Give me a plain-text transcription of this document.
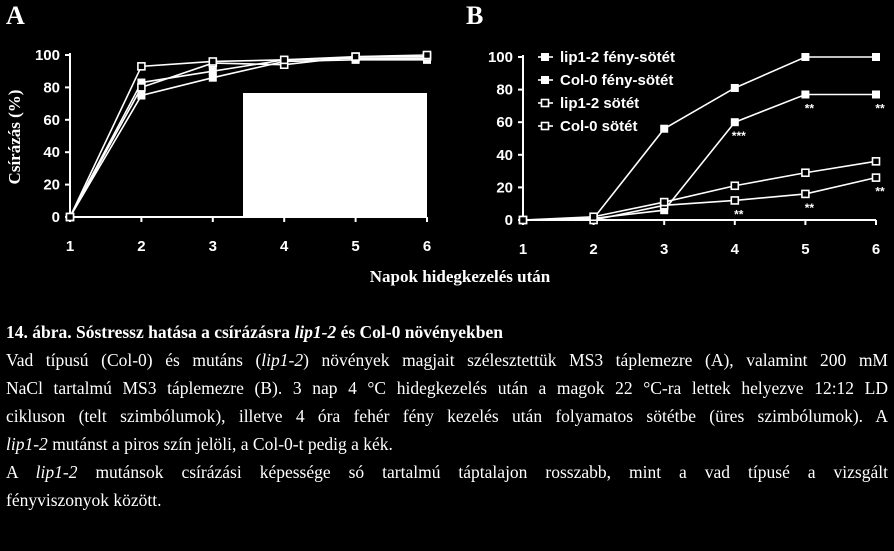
A	B
Csírázás (%)
Napok hidegkezelés után
0
20
40
60
80
100
1	2	3	4	5	6
0
20
40
60
80
100
1	2	3	4	5	6
**	**
***
**	**
**
lip1-2 fény-sötét
Col-0 fény-sötét
lip1-2 sötét
Col-0 sötét

14. ábra. Sóstressz hatása a csírázásra lip1-2 és Col-0 növényekben

Vad típusú (Col-0) és mutáns (lip1-2) növények magjait szélesztettük MS3 táplemezre (A), valamint 200 mM

NaCl tartalmú MS3 táplemezre (B). 3 nap 4 °C hidegkezelés után a magok 22 °C-ra lettek helyezve 12:12 LD

cikluson (telt szimbólumok), illetve 4 óra fehér fény kezelés után folyamatos sötétbe (üres szimbólumok). A

lip1-2 mutánst a piros szín jelöli, a Col-0-t pedig a kék.

A lip1-2 mutánsok csírázási képessége só tartalmú táptalajon rosszabb, mint a vad típusé a vizsgált

fényviszonyok között.
